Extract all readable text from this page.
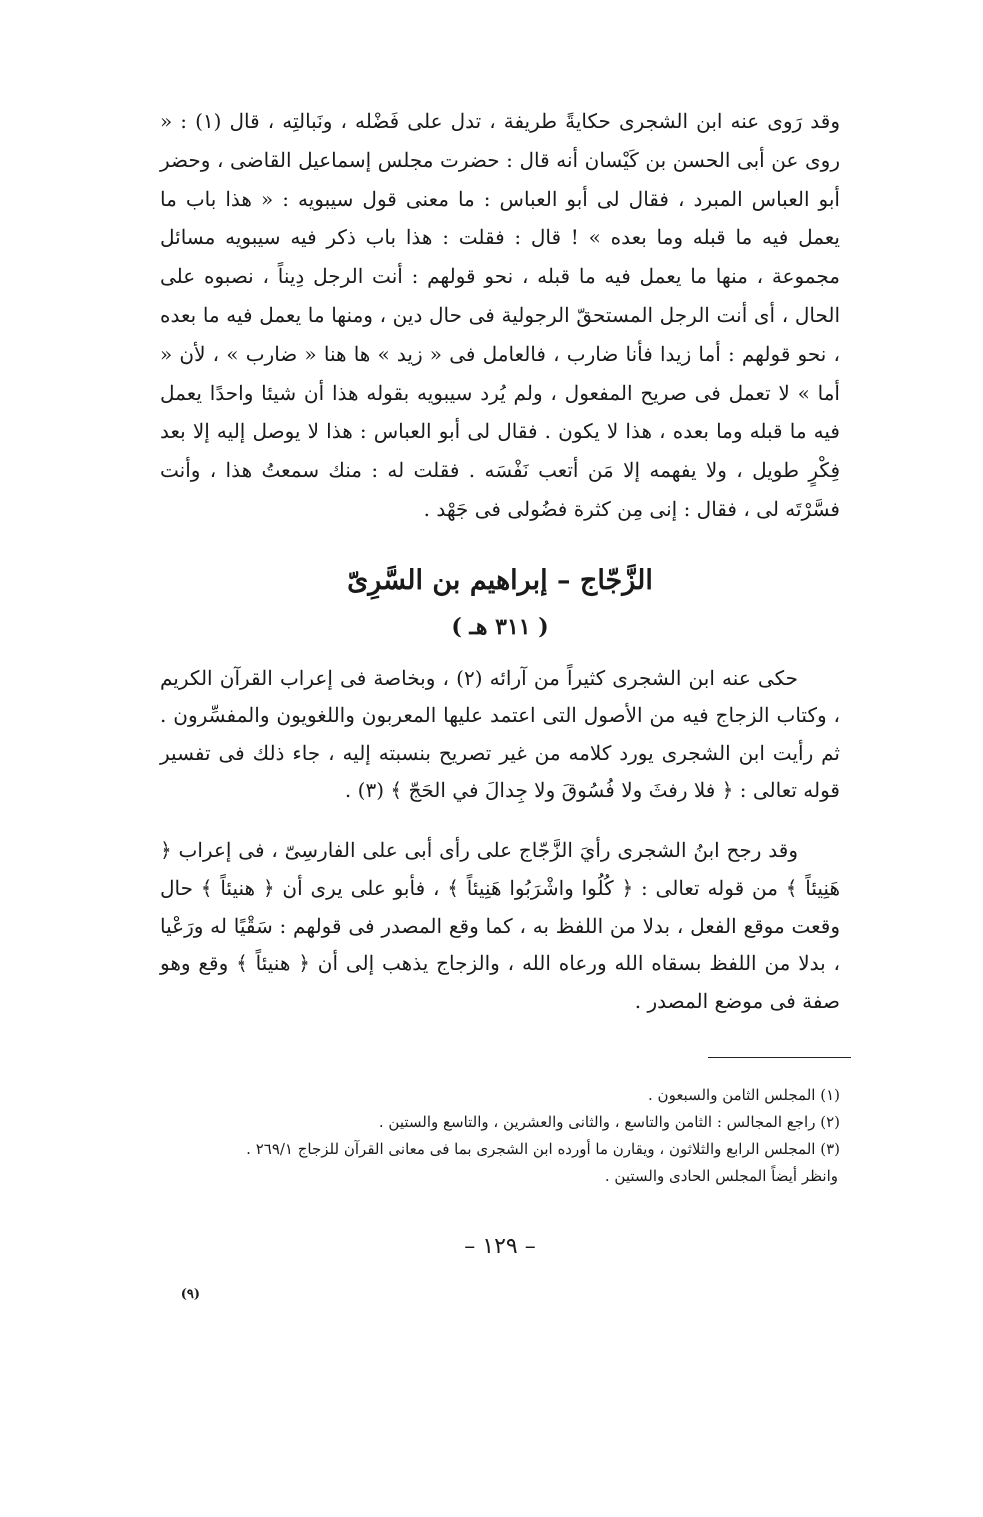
وقد رَوى عنه ابن الشجرى حكايةً طريفة ، تدل على فَضْله ، ونَبالتِه ، قال (١) : « روى عن أبى الحسن بن كَيْسان أنه قال : حضرت مجلس إسماعيل القاضى ، وحضر أبو العباس المبرد ، فقال لى أبو العباس : ما معنى قول سيبويه : « هذا باب ما يعمل فيه ما قبله وما بعده » ! قال : فقلت : هذا باب ذكر فيه سيبويه مسائل مجموعة ، منها ما يعمل فيه ما قبله ، نحو قولهم : أنت الرجل دِيناً ، نصبوه على الحال ، أى أنت الرجل المستحقّ الرجولية فى حال دين ، ومنها ما يعمل فيه ما بعده ، نحو قولهم : أما زيدا فأنا ضارب ، فالعامل فى « زيد » ها هنا « ضارب » ، لأن « أما » لا تعمل فى صريح المفعول ، ولم يُرد سيبويه بقوله هذا أن شيئا واحدًا يعمل فيه ما قبله وما بعده ، هذا لا يكون . فقال لى أبو العباس : هذا لا يوصل إليه إلا بعد فِكْرٍ طويل ، ولا يفهمه إلا مَن أتعب نَفْسَه . فقلت له : منك سمعتُ هذا ، وأنت فسَّرْتَه لى ، فقال : إنى مِن كثرة فضُولى فى جَهْد .

الزَّجّاج – إبراهيم بن السَّرِىّ
( ٣١١ هـ )

حكى عنه ابن الشجرى كثيراً من آرائه (٢) ، وبخاصة فى إعراب القرآن الكريم ، وكتاب الزجاج فيه من الأصول التى اعتمد عليها المعربون واللغويون والمفسِّرون . ثم رأيت ابن الشجرى يورد كلامه من غير تصريح بنسبته إليه ، جاء ذلك فى تفسير قوله تعالى : ﴿ فلا رفثَ ولا فُسُوقَ ولا جِدالَ في الحَجّ ﴾ (٣) .

وقد رجح ابنُ الشجرى رأيَ الزَّجّاج على رأى أبى على الفارسِىّ ، فى إعراب ﴿ هَنِيئاً ﴾ من قوله تعالى : ﴿ كُلُوا واشْرَبُوا هَنِيئاً ﴾ ، فأبو على يرى أن ﴿ هنيئاً ﴾ حال وقعت موقع الفعل ، بدلا من اللفظ به ، كما وقع المصدر فى قولهم : سَقْيًا له ورَعْيا ، بدلا من اللفظ بسقاه الله ورعاه الله ، والزجاج يذهب إلى أن ﴿ هنيئاً ﴾ وقع وهو صفة فى موضع المصدر .

(١) المجلس الثامن والسبعون .

(٢) راجع المجالس : الثامن والتاسع ، والثانى والعشرين ، والتاسع والستين .

(٣) المجلس الرابع والثلاثون ، ويقارن ما أورده ابن الشجرى بما فى معانى القرآن للزجاج ٢٦٩/١ .

وانظر أيضاً المجلس الحادى والستين .

– ١٢٩ –
(٩)
